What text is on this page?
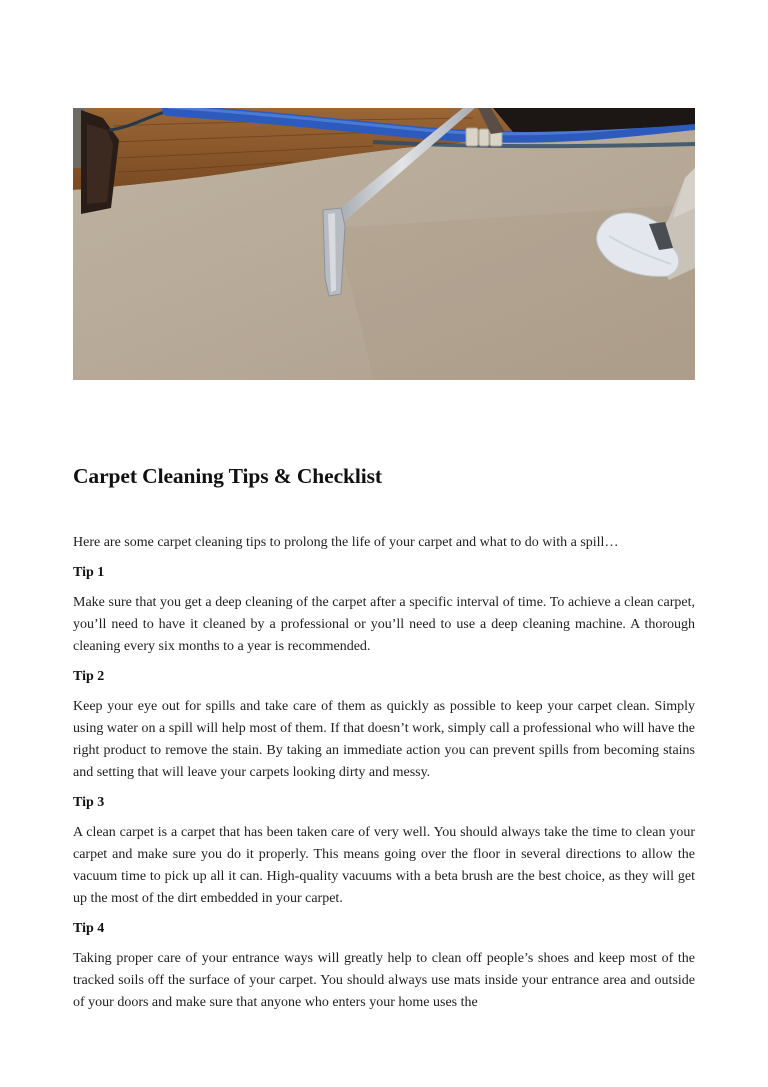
Carpet Cleaning Tips & Checklist

Here are some carpet cleaning tips to prolong the life of your carpet and what to do with a spill…

Tip 1

Make sure that you get a deep cleaning of the carpet after a specific interval of time. To achieve a clean carpet, you’ll need to have it cleaned by a professional or you’ll need to use a deep cleaning machine. A thorough cleaning every six months to a year is recommended.

Tip 2

Keep your eye out for spills and take care of them as quickly as possible to keep your carpet clean. Simply using water on a spill will help most of them. If that doesn’t work, simply call a professional who will have the right product to remove the stain. By taking an immediate action you can prevent spills from becoming stains and setting that will leave your carpets looking dirty and messy.

Tip 3

A clean carpet is a carpet that has been taken care of very well. You should always take the time to clean your carpet and make sure you do it properly. This means going over the floor in several directions to allow the vacuum time to pick up all it can. High-quality vacuums with a beta brush are the best choice, as they will get up the most of the dirt embedded in your carpet.

Tip 4

Taking proper care of your entrance ways will greatly help to clean off people’s shoes and keep most of the tracked soils off the surface of your carpet. You should always use mats inside your entrance area and outside of your doors and make sure that anyone who enters your home uses the
